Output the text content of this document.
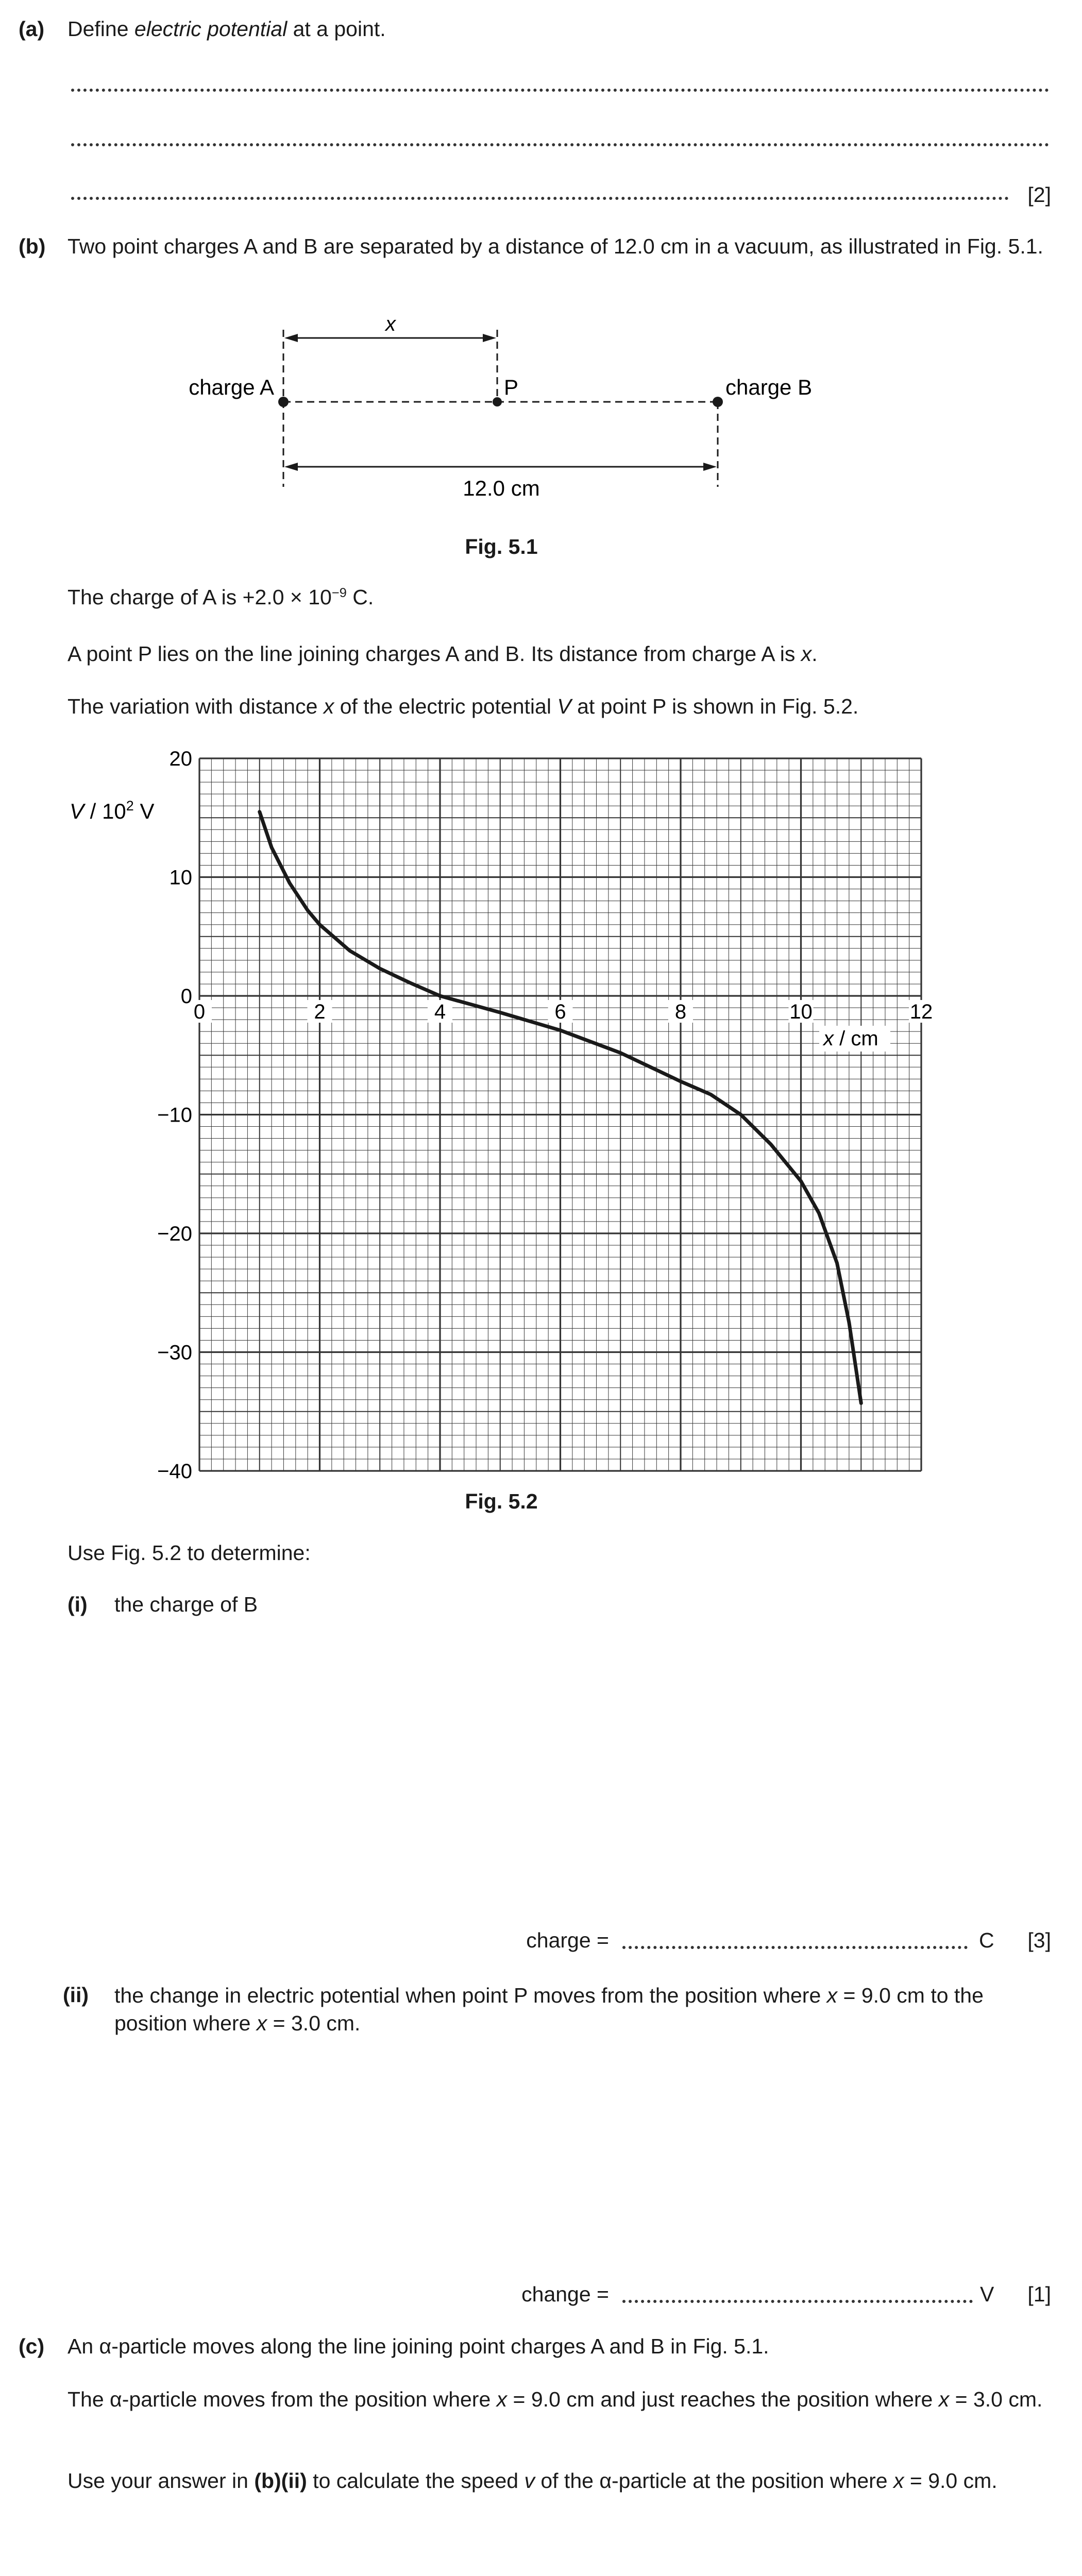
(a) Define electric potential at a point.
[2]
(b) Two point charges A and B are separated by a distance of 12.0 cm in a vacuum, as illustrated in Fig. 5.1.
x
charge A	P	charge B
12.0 cm
Fig. 5.1
The charge of A is $+2.0 \times 10^{-9}$ C.
A point P lies on the line joining charges A and B. Its distance from charge A is x.
The variation with distance x of the electric potential V at point P is shown in Fig. 5.2.
0	2	4	6	8	10	12
20
10
0
−10
−20
−30
−40
V / $10^2$ V
x / cm
Fig. 5.2
Use Fig. 5.2 to determine:
(i) the charge of B
charge =	C [3]
(ii) the change in electric potential when point P moves from the position where x = 9.0 cm to the position where x = 3.0 cm.
change =	V [1]
(c) An α-particle moves along the line joining point charges A and B in Fig. 5.1.
The α-particle moves from the position where x = 9.0 cm and just reaches the position where x = 3.0 cm.
Use your answer in (b)(ii) to calculate the speed v of the α-particle at the position where x = 9.0 cm.
